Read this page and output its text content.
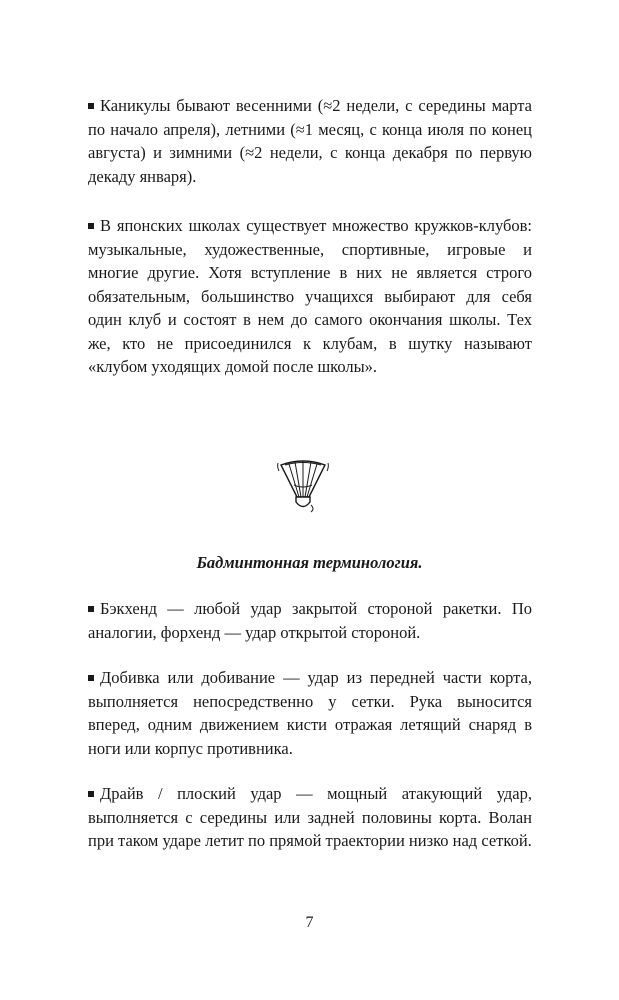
Каникулы бывают весенними (≈2 недели, с середины марта по начало апреля), летними (≈1 месяц, с конца июля по конец августа) и зимними (≈2 недели, с конца декабря по первую декаду января).

В японских школах существует множество кружков-клубов: музыкальные, художественные, спортивные, игровые и многие другие. Хотя вступление в них не является строго обязательным, большинство учащихся выбирают для себя один клуб и состоят в нем до самого окончания школы. Тех же, кто не присоединился к клубам, в шутку называют «клубом уходящих домой после школы».

Бадминтонная терминология.

Бэкхенд — любой удар закрытой стороной ракетки. По аналогии, форхенд — удар открытой стороной.

Добивка или добивание — удар из передней части корта, выполняется непосредственно у сетки. Рука выносится вперед, одним движением кисти отражая летящий снаряд в ноги или корпус противника.

Драйв / плоский удар — мощный атакующий удар, выполняется с середины или задней половины корта. Волан при таком ударе летит по прямой траектории низко над сеткой.

7
